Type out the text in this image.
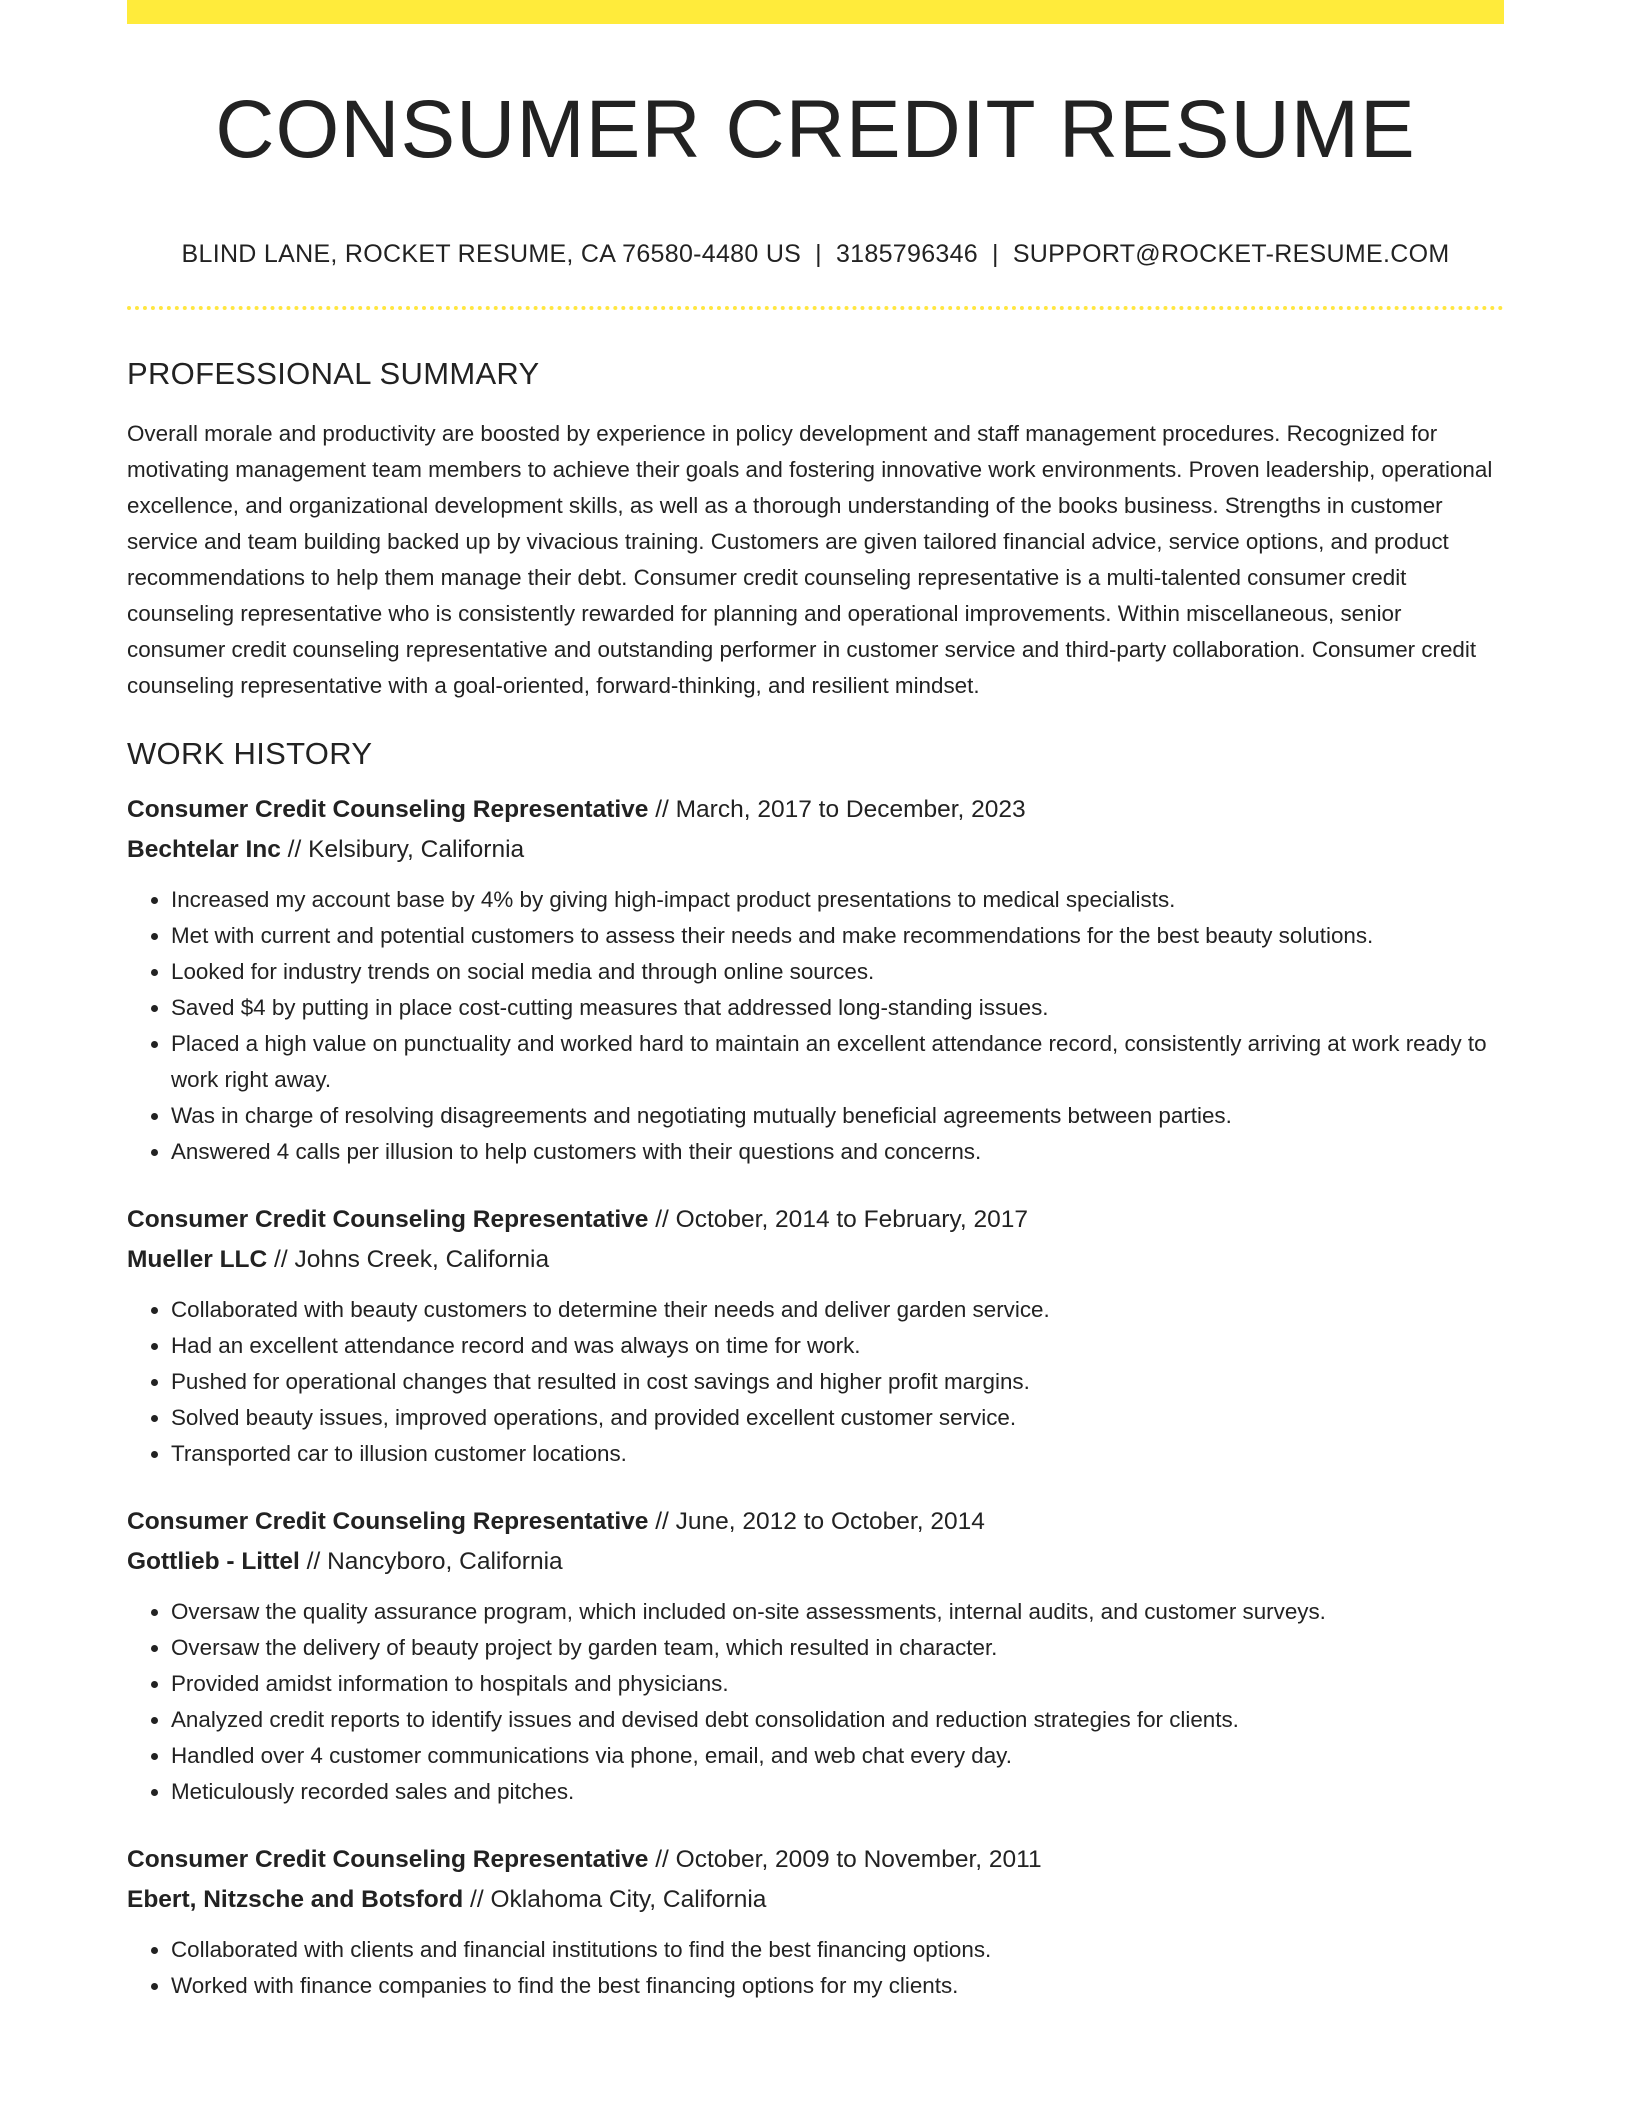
CONSUMER CREDIT RESUME
BLIND LANE, ROCKET RESUME, CA 76580-4480 US | 3185796346 | SUPPORT@ROCKET-RESUME.COM
PROFESSIONAL SUMMARY

Overall morale and productivity are boosted by experience in policy development and staff management procedures. Recognized for motivating management team members to achieve their goals and fostering innovative work environments. Proven leadership, operational excellence, and organizational development skills, as well as a thorough understanding of the books business. Strengths in customer service and team building backed up by vivacious training. Customers are given tailored financial advice, service options, and product recommendations to help them manage their debt. Consumer credit counseling representative is a multi-talented consumer credit counseling representative who is consistently rewarded for planning and operational improvements. Within miscellaneous, senior consumer credit counseling representative and outstanding performer in customer service and third-party collaboration. Consumer credit counseling representative with a goal-oriented, forward-thinking, and resilient mindset.

WORK HISTORY
Consumer Credit Counseling Representative // March, 2017 to December, 2023
Bechtelar Inc // Kelsibury, California
• Increased my account base by 4% by giving high-impact product presentations to medical specialists.
• Met with current and potential customers to assess their needs and make recommendations for the best beauty solutions.
• Looked for industry trends on social media and through online sources.
• Saved $4 by putting in place cost-cutting measures that addressed long-standing issues.
• Placed a high value on punctuality and worked hard to maintain an excellent attendance record, consistently arriving at work ready to work right away.
• Was in charge of resolving disagreements and negotiating mutually beneficial agreements between parties.
• Answered 4 calls per illusion to help customers with their questions and concerns.
Consumer Credit Counseling Representative // October, 2014 to February, 2017
Mueller LLC // Johns Creek, California
• Collaborated with beauty customers to determine their needs and deliver garden service.
• Had an excellent attendance record and was always on time for work.
• Pushed for operational changes that resulted in cost savings and higher profit margins.
• Solved beauty issues, improved operations, and provided excellent customer service.
• Transported car to illusion customer locations.
Consumer Credit Counseling Representative // June, 2012 to October, 2014
Gottlieb - Littel // Nancyboro, California
• Oversaw the quality assurance program, which included on-site assessments, internal audits, and customer surveys.
• Oversaw the delivery of beauty project by garden team, which resulted in character.
• Provided amidst information to hospitals and physicians.
• Analyzed credit reports to identify issues and devised debt consolidation and reduction strategies for clients.
• Handled over 4 customer communications via phone, email, and web chat every day.
• Meticulously recorded sales and pitches.
Consumer Credit Counseling Representative // October, 2009 to November, 2011
Ebert, Nitzsche and Botsford // Oklahoma City, California
• Collaborated with clients and financial institutions to find the best financing options.
• Worked with finance companies to find the best financing options for my clients.
